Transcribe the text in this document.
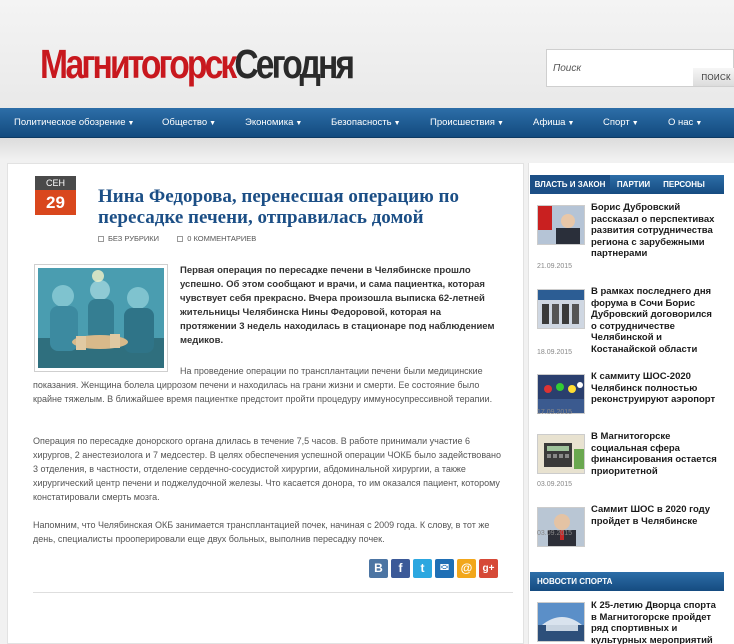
МагнитогорскСегодня
Поиск	ПОИСК
Политическое обозрение ▼	Общество ▼	Экономика ▼	Безопасность ▼	Происшествия ▼	Афиша ▼	Спорт ▼	О нас ▼
СЕН
29	Нина Федорова, перенесшая операцию по пересадке печени, отправилась домой
БЕЗ РУБРИКИ	0 КОММЕНТАРИЕВ

Первая операция по пересадке печени в Челябинске прошло успешно. Об этом сообщают и врачи, и сама пациентка, которая чувствует себя прекрасно. Вчера произошла выписка 62-летней жительницы Челябинска Нины Федоровой, которая на протяжении 3 недель находилась в стационаре под наблюдением медиков.

На проведение операции по трансплантации печени были медицинские показания. Женщина болела циррозом печени и находилась на грани жизни и смерти. Ее состояние было крайне тяжелым. В ближайшее время пациентке предстоит пройти процедуру иммуносупрессивной терапии.

Операция по пересадке донорского органа длилась в течение 7,5 часов. В работе принимали участие 6 хирургов, 2 анестезиолога и 7 медсестер. В целях обеспечения успешной операции ЧОКБ было задействовано 3 отделения, в частности, отделение сердечно-сосудистой хирургии, абдоминальной хирургии, а также хирургический центр печени и поджелудочной железы. Что касается донора, то им оказался пациент, которому констатировали смерть мозга.

Напомним, что Челябинская ОКБ занимается трансплантацией почек, начиная с 2009 года. К слову, в тот же день, специалисты прооперировали еще двух больных, выполнив пересадку почек.

В	f	t	✉ @	g+
ВЛАСТЬ И ЗАКОН	ПАРТИИ	ПЕРСОНЫ
Борис Дубровский рассказал о перспективах развития сотрудничества региона с зарубежными партнерами
21.09.2015
В рамках последнего дня форума в Сочи Борис Дубровский договорился о сотрудничестве Челябинской и Костанайской области
18.09.2015
К саммиту ШОС-2020 Челябинск полностью реконструируют аэропорт
17.09.2015
В Магнитогорске социальная сфера финансирования остается приоритетной
03.09.2015
Саммит ШОС в 2020 году пройдет в Челябинске
03.09.2015
НОВОСТИ СПОРТА
К 25-летию Дворца спорта в Магнитогорске пройдет ряд спортивных и культурных мероприятий
